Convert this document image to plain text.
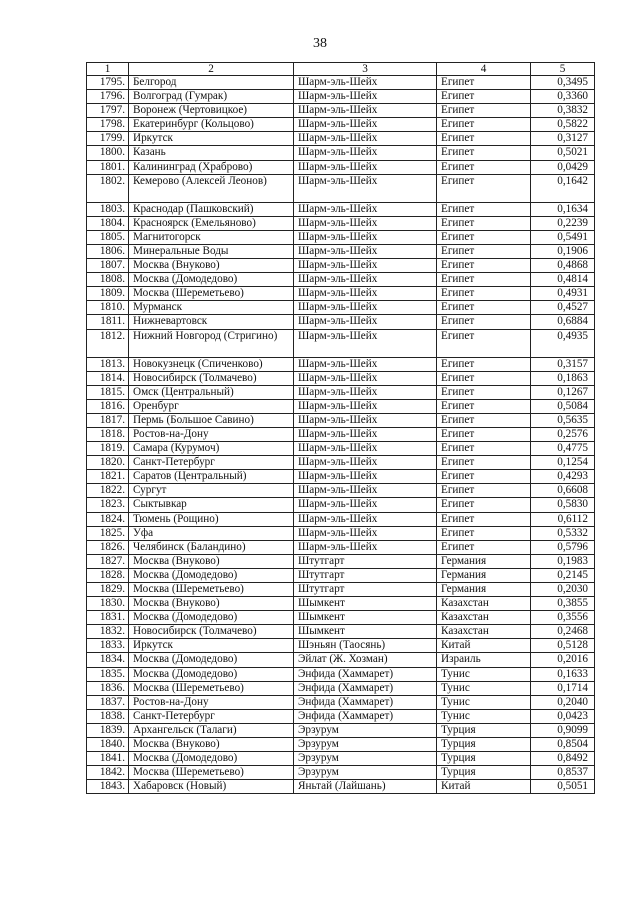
38
1	2	3	4	5
1795.	Белгород	Шарм-эль-Шейх	Египет	0,3495
1796.	Волгоград (Гумрак)	Шарм-эль-Шейх	Египет	0,3360
1797.	Воронеж (Чертовицкое)	Шарм-эль-Шейх	Египет	0,3832
1798.	Екатеринбург (Кольцово)	Шарм-эль-Шейх	Египет	0,5822
1799.	Иркутск	Шарм-эль-Шейх	Египет	0,3127
1800.	Казань	Шарм-эль-Шейх	Египет	0,5021
1801.	Калининград (Храброво)	Шарм-эль-Шейх	Египет	0,0429
1802.	Кемерово (Алексей Леонов)	Шарм-эль-Шейх	Египет	0,1642
1803.	Краснодар (Пашковский)	Шарм-эль-Шейх	Египет	0,1634
1804.	Красноярск (Емельяново)	Шарм-эль-Шейх	Египет	0,2239
1805.	Магнитогорск	Шарм-эль-Шейх	Египет	0,5491
1806.	Минеральные Воды	Шарм-эль-Шейх	Египет	0,1906
1807.	Москва (Внуково)	Шарм-эль-Шейх	Египет	0,4868
1808.	Москва (Домодедово)	Шарм-эль-Шейх	Египет	0,4814
1809.	Москва (Шереметьево)	Шарм-эль-Шейх	Египет	0,4931
1810.	Мурманск	Шарм-эль-Шейх	Египет	0,4527
1811.	Нижневартовск	Шарм-эль-Шейх	Египет	0,6884
1812.	Нижний Новгород (Стригино)	Шарм-эль-Шейх	Египет	0,4935
1813.	Новокузнецк (Спиченково)	Шарм-эль-Шейх	Египет	0,3157
1814.	Новосибирск (Толмачево)	Шарм-эль-Шейх	Египет	0,1863
1815.	Омск (Центральный)	Шарм-эль-Шейх	Египет	0,1267
1816.	Оренбург	Шарм-эль-Шейх	Египет	0,5084
1817.	Пермь (Большое Савино)	Шарм-эль-Шейх	Египет	0,5635
1818.	Ростов-на-Дону	Шарм-эль-Шейх	Египет	0,2576
1819.	Самара (Курумоч)	Шарм-эль-Шейх	Египет	0,4775
1820.	Санкт-Петербург	Шарм-эль-Шейх	Египет	0,1254
1821.	Саратов (Центральный)	Шарм-эль-Шейх	Египет	0,4293
1822.	Сургут	Шарм-эль-Шейх	Египет	0,6608
1823.	Сыктывкар	Шарм-эль-Шейх	Египет	0,5830
1824.	Тюмень (Рощино)	Шарм-эль-Шейх	Египет	0,6112
1825.	Уфа	Шарм-эль-Шейх	Египет	0,5332
1826.	Челябинск (Баландино)	Шарм-эль-Шейх	Египет	0,5796
1827.	Москва (Внуково)	Штутгарт	Германия	0,1983
1828.	Москва (Домодедово)	Штутгарт	Германия	0,2145
1829.	Москва (Шереметьево)	Штутгарт	Германия	0,2030
1830.	Москва (Внуково)	Шымкент	Казахстан	0,3855
1831.	Москва (Домодедово)	Шымкент	Казахстан	0,3556
1832.	Новосибирск (Толмачево)	Шымкент	Казахстан	0,2468
1833.	Иркутск	Шэньян (Таосянь)	Китай	0,5128
1834.	Москва (Домодедово)	Эйлат (Ж. Хозман)	Израиль	0,2016
1835.	Москва (Домодедово)	Энфида (Хаммарет)	Тунис	0,1633
1836.	Москва (Шереметьево)	Энфида (Хаммарет)	Тунис	0,1714
1837.	Ростов-на-Дону	Энфида (Хаммарет)	Тунис	0,2040
1838.	Санкт-Петербург	Энфида (Хаммарет)	Тунис	0,0423
1839.	Архангельск (Талаги)	Эрзурум	Турция	0,9099
1840.	Москва (Внуково)	Эрзурум	Турция	0,8504
1841.	Москва (Домодедово)	Эрзурум	Турция	0,8492
1842.	Москва (Шереметьево)	Эрзурум	Турция	0,8537
1843.	Хабаровск (Новый)	Яньтай (Лайшань)	Китай	0,5051
